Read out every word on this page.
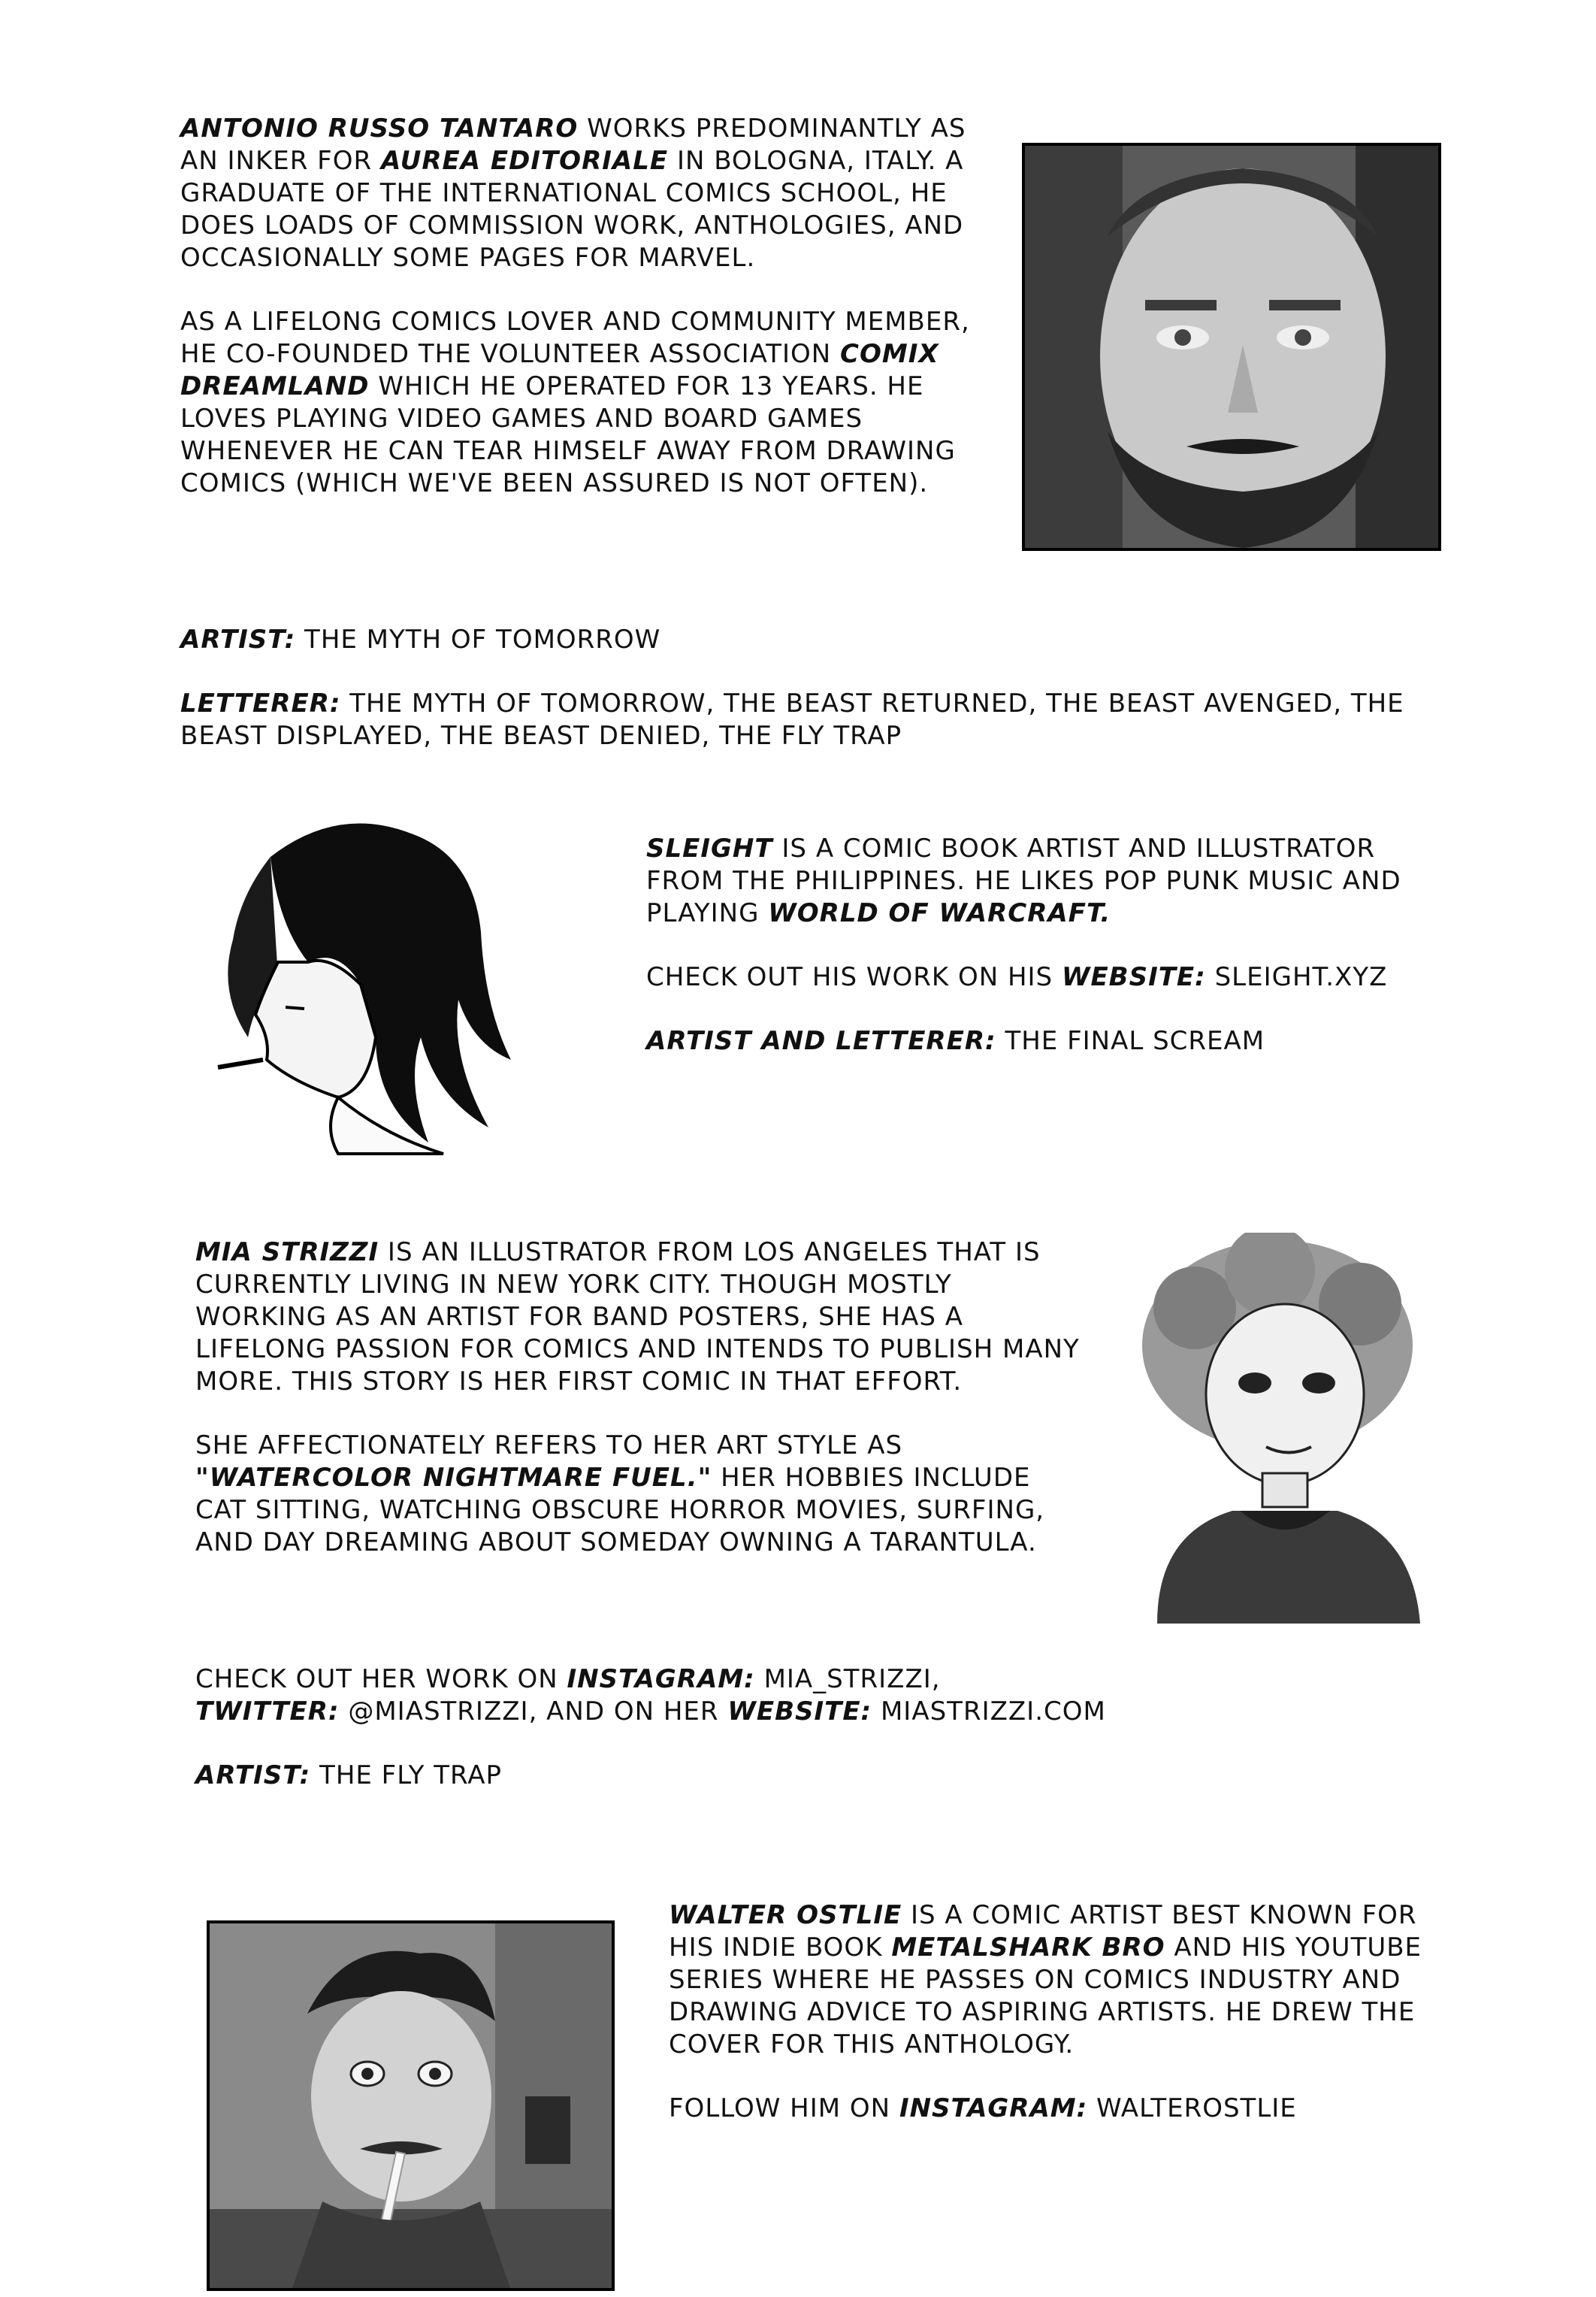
ANTONIO RUSSO TANTARO WORKS PREDOMINANTLY AS AN INKER FOR AUREA EDITORIALE IN BOLOGNA, ITALY. A GRADUATE OF THE INTERNATIONAL COMICS SCHOOL, HE DOES LOADS OF COMMISSION WORK, ANTHOLOGIES, AND OCCASIONALLY SOME PAGES FOR MARVEL.

AS A LIFELONG COMICS LOVER AND COMMUNITY MEMBER, HE CO-FOUNDED THE VOLUNTEER ASSOCIATION COMIX DREAMLAND WHICH HE OPERATED FOR 13 YEARS. HE LOVES PLAYING VIDEO GAMES AND BOARD GAMES WHENEVER HE CAN TEAR HIMSELF AWAY FROM DRAWING COMICS (WHICH WE'VE BEEN ASSURED IS NOT OFTEN).

ARTIST: THE MYTH OF TOMORROW

LETTERER: THE MYTH OF TOMORROW, THE BEAST RETURNED, THE BEAST AVENGED, THE BEAST DISPLAYED, THE BEAST DENIED, THE FLY TRAP

SLEIGHT IS A COMIC BOOK ARTIST AND ILLUSTRATOR FROM THE PHILIPPINES. HE LIKES POP PUNK MUSIC AND PLAYING WORLD OF WARCRAFT.

CHECK OUT HIS WORK ON HIS WEBSITE: SLEIGHT.XYZ

ARTIST AND LETTERER: THE FINAL SCREAM

MIA STRIZZI IS AN ILLUSTRATOR FROM LOS ANGELES THAT IS CURRENTLY LIVING IN NEW YORK CITY. THOUGH MOSTLY WORKING AS AN ARTIST FOR BAND POSTERS, SHE HAS A LIFELONG PASSION FOR COMICS AND INTENDS TO PUBLISH MANY MORE. THIS STORY IS HER FIRST COMIC IN THAT EFFORT.

SHE AFFECTIONATELY REFERS TO HER ART STYLE AS "WATERCOLOR NIGHTMARE FUEL." HER HOBBIES INCLUDE CAT SITTING, WATCHING OBSCURE HORROR MOVIES, SURFING, AND DAY DREAMING ABOUT SOMEDAY OWNING A TARANTULA.

CHECK OUT HER WORK ON INSTAGRAM: MIA_STRIZZI,
TWITTER: @MIASTRIZZI, AND ON HER WEBSITE: MIASTRIZZI.COM

ARTIST: THE FLY TRAP

WALTER OSTLIE IS A COMIC ARTIST BEST KNOWN FOR HIS INDIE BOOK METALSHARK BRO AND HIS YOUTUBE SERIES WHERE HE PASSES ON COMICS INDUSTRY AND DRAWING ADVICE TO ASPIRING ARTISTS. HE DREW THE COVER FOR THIS ANTHOLOGY.

FOLLOW HIM ON INSTAGRAM: WALTEROSTLIE
